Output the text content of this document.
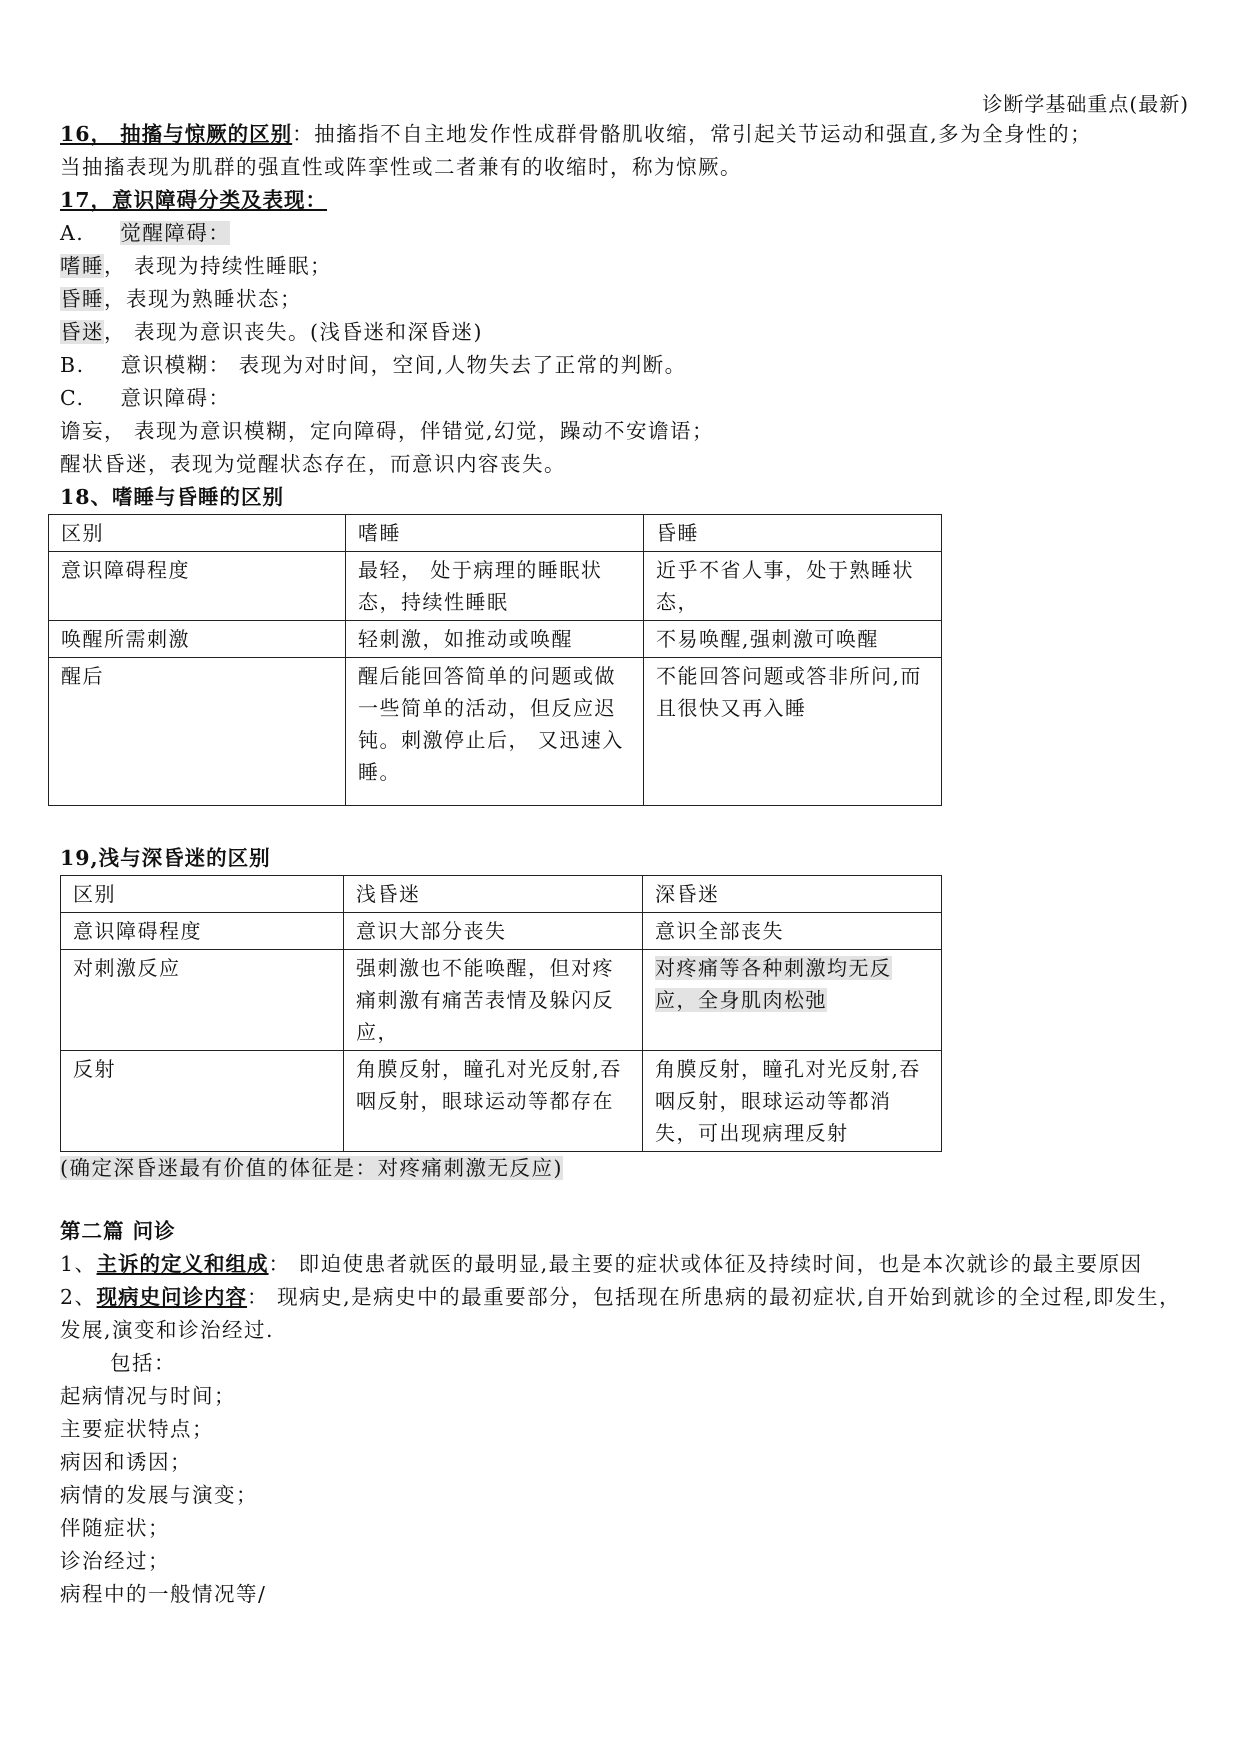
诊断学基础重点(最新)
16， 抽搐与惊厥的区别：抽搐指不自主地发作性成群骨骼肌收缩，常引起关节运动和强直,多为全身性的；
当抽搐表现为肌群的强直性或阵挛性或二者兼有的收缩时，称为惊厥。
17，意识障碍分类及表现：
A. 觉醒障碍：
嗜睡， 表现为持续性睡眠；
昏睡，表现为熟睡状态；
昏迷， 表现为意识丧失。(浅昏迷和深昏迷)
B. 意识模糊： 表现为对时间，空间,人物失去了正常的判断。
C. 意识障碍：
谵妄， 表现为意识模糊，定向障碍，伴错觉,幻觉，躁动不安谵语；
醒状昏迷，表现为觉醒状态存在，而意识内容丧失。
18、嗜睡与昏睡的区别
区别	嗜睡	昏睡
意识障碍程度	最轻， 处于病理的睡眠状态，持续性睡眠	近乎不省人事，处于熟睡状态，
唤醒所需刺激	轻刺激，如推动或唤醒	不易唤醒,强刺激可唤醒
醒后	醒后能回答简单的问题或做一些简单的活动，但反应迟钝。刺激停止后， 又迅速入睡。	不能回答问题或答非所问,而且很快又再入睡
19,浅与深昏迷的区别
区别	浅昏迷	深昏迷
意识障碍程度	意识大部分丧失	意识全部丧失
对刺激反应	强刺激也不能唤醒，但对疼痛刺激有痛苦表情及躲闪反应，	对疼痛等各种刺激均无反应，全身肌肉松弛
反射	角膜反射，瞳孔对光反射,吞咽反射，眼球运动等都存在	角膜反射，瞳孔对光反射,吞咽反射，眼球运动等都消失，可出现病理反射
(确定深昏迷最有价值的体征是：对疼痛刺激无反应)
第二篇 问诊
1、主诉的定义和组成： 即迫使患者就医的最明显,最主要的症状或体征及持续时间，也是本次就诊的最主要原因
2、现病史问诊内容： 现病史,是病史中的最重要部分，包括现在所患病的最初症状,自开始到就诊的全过程,即发生，发展,演变和诊治经过.
包括：
起病情况与时间；
主要症状特点；
病因和诱因；
病情的发展与演变；
伴随症状；
诊治经过；
病程中的一般情况等/
